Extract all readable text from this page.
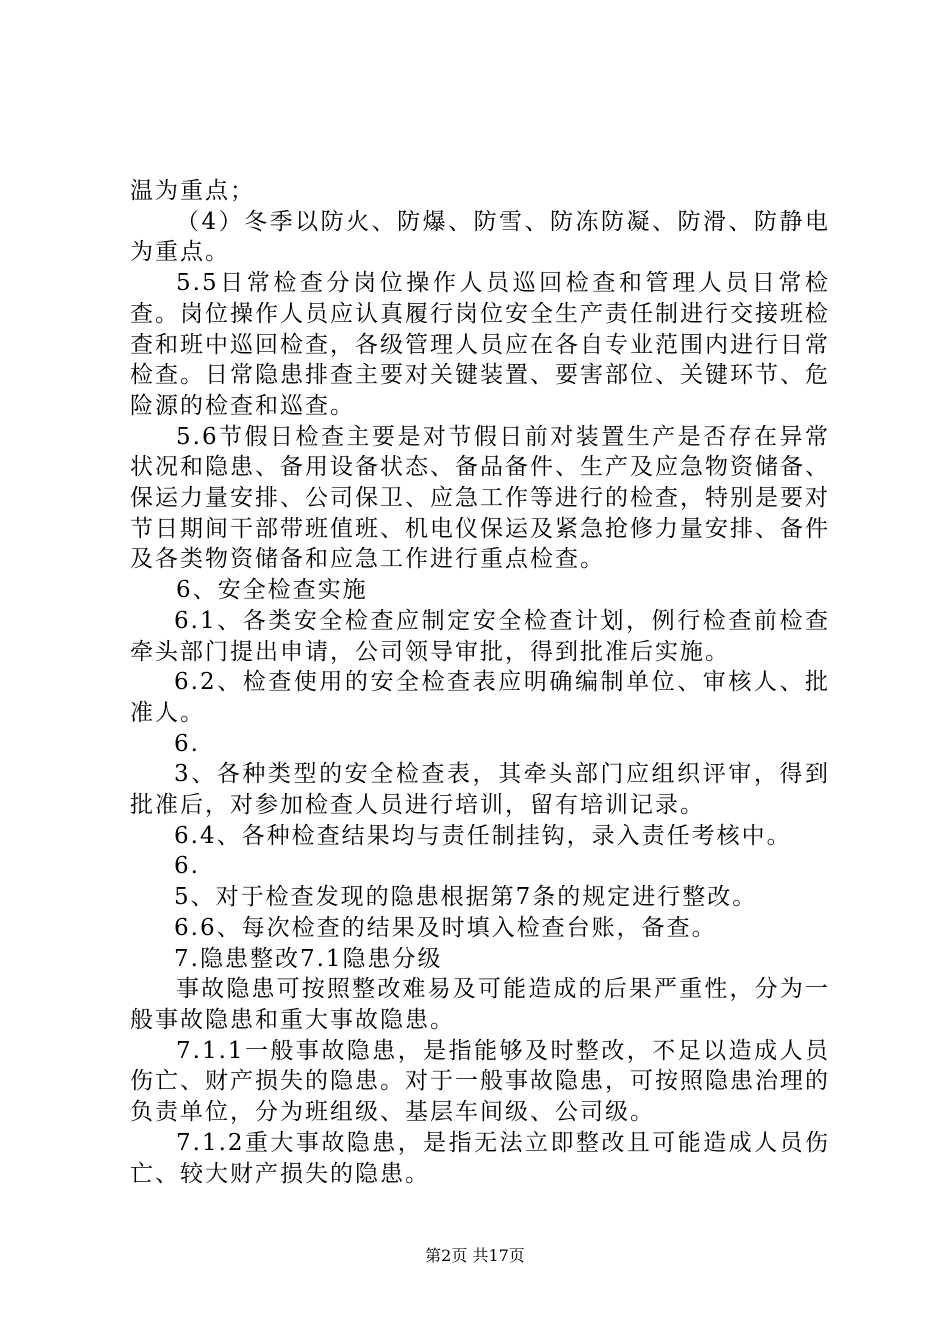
温为重点；

（4）冬季以防火、防爆、防雪、防冻防凝、防滑、防静电为重点。

5.5日常检查分岗位操作人员巡回检查和管理人员日常检查。岗位操作人员应认真履行岗位安全生产责任制进行交接班检查和班中巡回检查，各级管理人员应在各自专业范围内进行日常检查。日常隐患排查主要对关键装置、要害部位、关键环节、危险源的检查和巡查。

5.6节假日检查主要是对节假日前对装置生产是否存在异常状况和隐患、备用设备状态、备品备件、生产及应急物资储备、保运力量安排、公司保卫、应急工作等进行的检查，特别是要对节日期间干部带班值班、机电仪保运及紧急抢修力量安排、备件及各类物资储备和应急工作进行重点检查。

6、安全检查实施

6.1、各类安全检查应制定安全检查计划，例行检查前检查牵头部门提出申请，公司领导审批，得到批准后实施。

6.2、检查使用的安全检查表应明确编制单位、审核人、批准人。

6.

3、各种类型的安全检查表，其牵头部门应组织评审，得到批准后，对参加检查人员进行培训，留有培训记录。

6.4、各种检查结果均与责任制挂钩，录入责任考核中。

6.

5、对于检查发现的隐患根据第7条的规定进行整改。

6.6、每次检查的结果及时填入检查台账，备查。

7.隐患整改7.1隐患分级

事故隐患可按照整改难易及可能造成的后果严重性，分为一般事故隐患和重大事故隐患。

7.1.1一般事故隐患，是指能够及时整改，不足以造成人员伤亡、财产损失的隐患。对于一般事故隐患，可按照隐患治理的负责单位，分为班组级、基层车间级、公司级。

7.1.2重大事故隐患，是指无法立即整改且可能造成人员伤亡、较大财产损失的隐患。

第2页 共17页
